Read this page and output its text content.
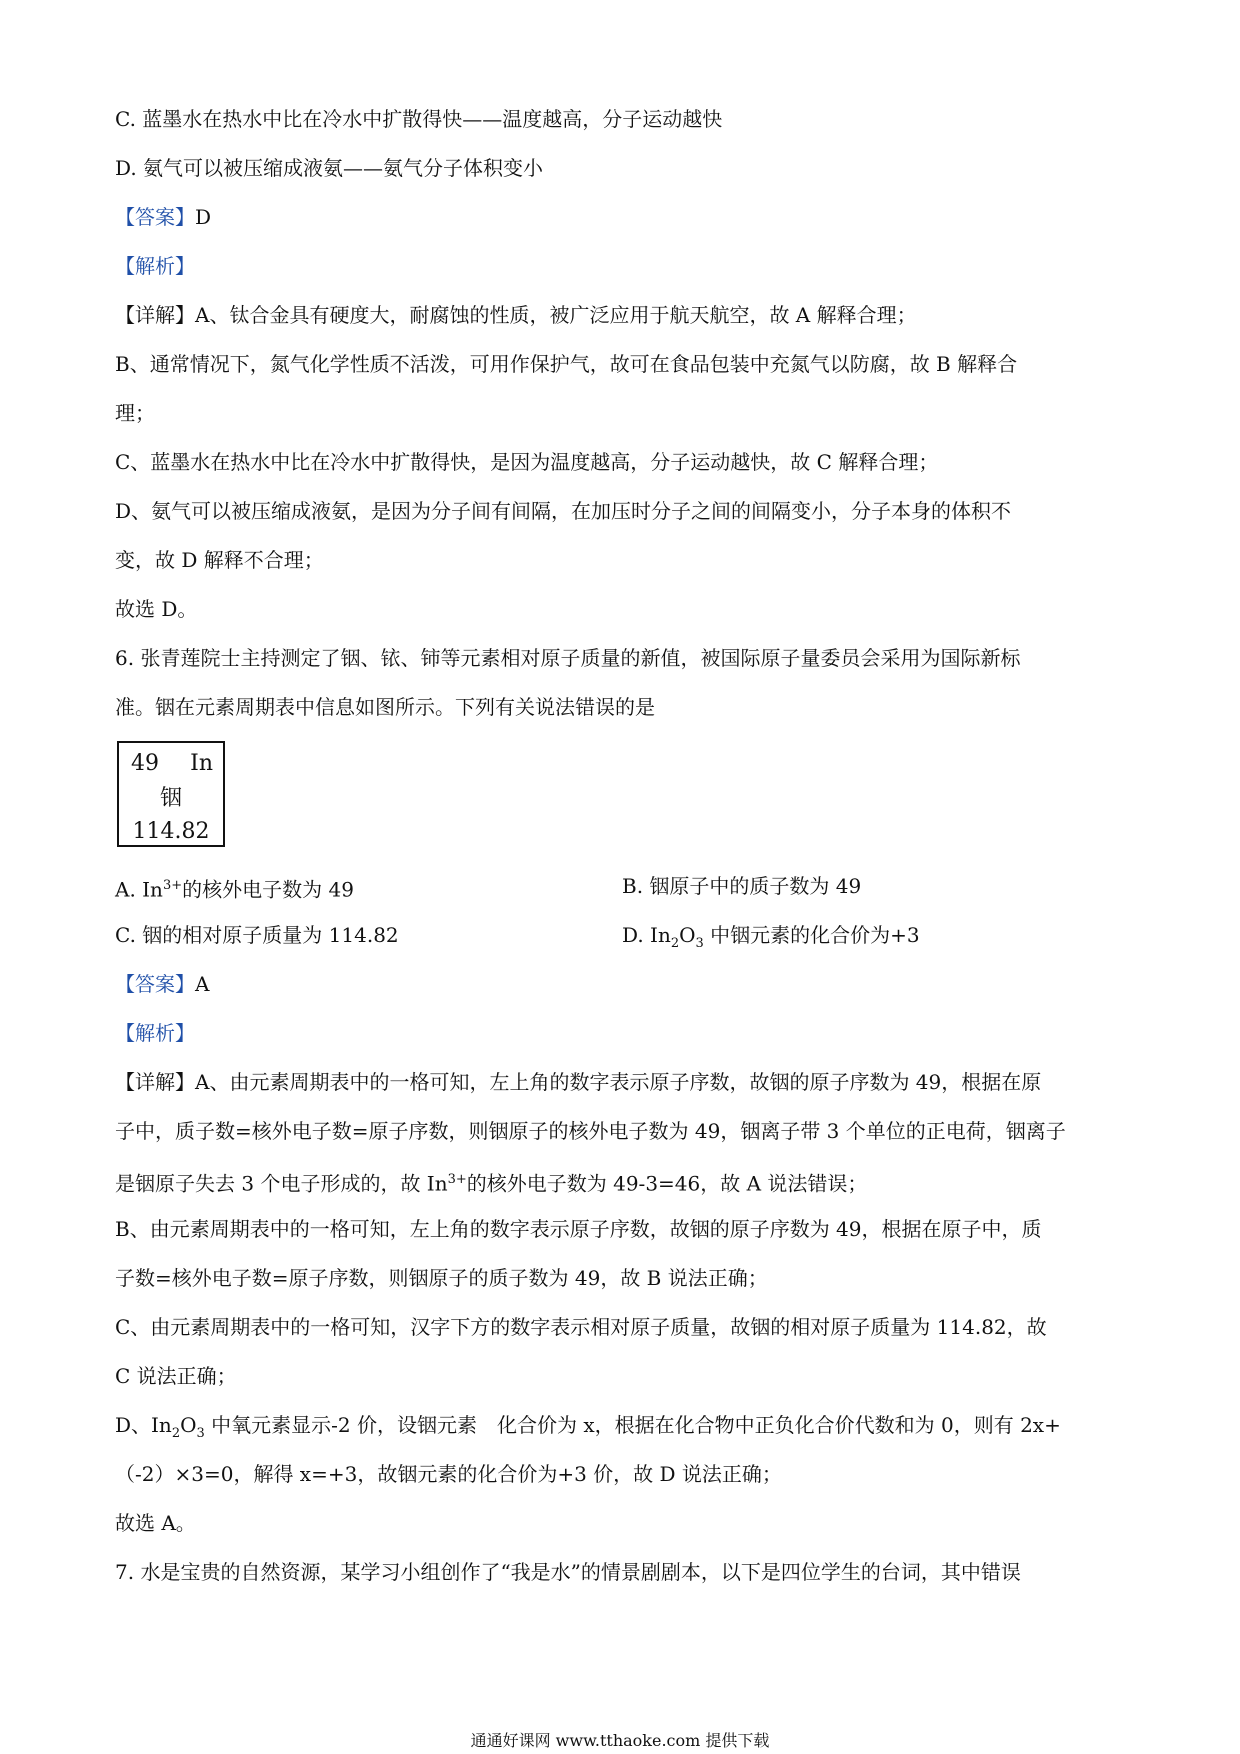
C. 蓝墨水在热水中比在冷水中扩散得快——温度越高，分子运动越快
D. 氨气可以被压缩成液氨——氨气分子体积变小
【答案】D
【解析】
【详解】A、钛合金具有硬度大，耐腐蚀的性质，被广泛应用于航天航空，故 A 解释合理；
B、通常情况下，氮气化学性质不活泼，可用作保护气，故可在食品包装中充氮气以防腐，故 B 解释合
理；
C、蓝墨水在热水中比在冷水中扩散得快，是因为温度越高，分子运动越快，故 C 解释合理；
D、氨气可以被压缩成液氨，是因为分子间有间隔，在加压时分子之间的间隔变小，分子本身的体积不
变，故 D 解释不合理；
故选 D。
6. 张青莲院士主持测定了铟、铱、铈等元素相对原子质量的新值，被国际原子量委员会采用为国际新标
准。铟在元素周期表中信息如图所示。下列有关说法错误的是
49 In
铟
114.82
A. $In^{3+}$的核外电子数为 49	B. 铟原子中的质子数为 49
C. 铟的相对原子质量为 114.82	D. $In_2O_3$ 中铟元素的化合价为+3
【答案】A
【解析】
【详解】A、由元素周期表中的一格可知，左上角的数字表示原子序数，故铟的原子序数为 49，根据在原
子中，质子数=核外电子数=原子序数，则铟原子的核外电子数为 49，铟离子带 3 个单位的正电荷，铟离子
是铟原子失去 3 个电子形成的，故 $In^{3+}$的核外电子数为 49-3=46，故 A 说法错误；
B、由元素周期表中的一格可知，左上角的数字表示原子序数，故铟的原子序数为 49，根据在原子中，质
子数=核外电子数=原子序数，则铟原子的质子数为 49，故 B 说法正确；
C、由元素周期表中的一格可知，汉字下方的数字表示相对原子质量，故铟的相对原子质量为 114.82，故
C 说法正确；
D、$In_2O_3$ 中氧元素显示-2 价，设铟元素　化合价为 x，根据在化合物中正负化合价代数和为 0，则有 2x+
（-2）×3=0，解得 x=+3，故铟元素的化合价为+3 价，故 D 说法正确；
故选 A。
7. 水是宝贵的自然资源，某学习小组创作了“我是水”的情景剧剧本，以下是四位学生的台词，其中错误
通通好课网 www.tthaoke.com 提供下载
